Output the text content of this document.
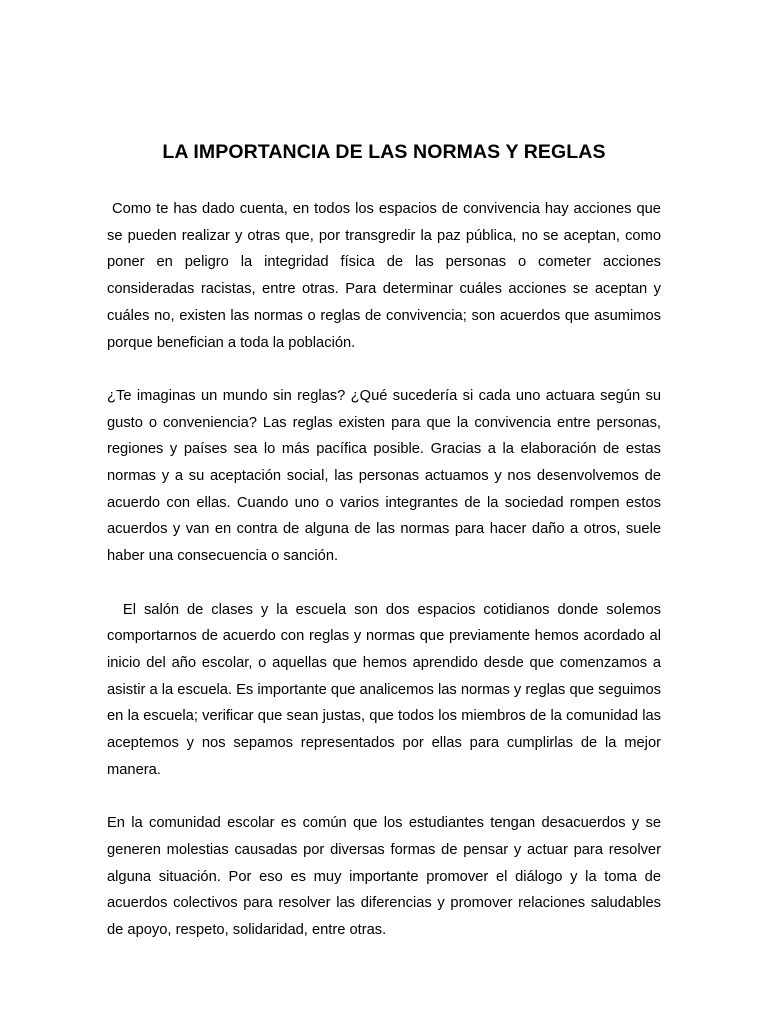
LA IMPORTANCIA DE LAS NORMAS Y REGLAS

Como te has dado cuenta, en todos los espacios de convivencia hay acciones que se pueden realizar y otras que, por transgredir la paz pública, no se aceptan, como poner en peligro la integridad física de las personas o cometer acciones consideradas racistas, entre otras. Para determinar cuáles acciones se aceptan y cuáles no, existen las normas o reglas de convivencia; son acuerdos que asumimos porque benefician a toda la población.

¿Te imaginas un mundo sin reglas? ¿Qué sucedería si cada uno actuara según su gusto o conveniencia? Las reglas existen para que la convivencia entre personas, regiones y países sea lo más pacífica posible. Gracias a la elaboración de estas normas y a su aceptación social, las personas actuamos y nos desenvolvemos de acuerdo con ellas. Cuando uno o varios integrantes de la sociedad rompen estos acuerdos y van en contra de alguna de las normas para hacer daño a otros, suele haber una consecuencia o sanción.

El salón de clases y la escuela son dos espacios cotidianos donde solemos comportarnos de acuerdo con reglas y normas que previamente hemos acordado al inicio del año escolar, o aquellas que hemos aprendido desde que comenzamos a asistir a la escuela. Es importante que analicemos las normas y reglas que seguimos en la escuela; verificar que sean justas, que todos los miembros de la comunidad las aceptemos y nos sepamos representados por ellas para cumplirlas de la mejor manera.

En la comunidad escolar es común que los estudiantes tengan desacuerdos y se generen molestias causadas por diversas formas de pensar y actuar para resolver alguna situación. Por eso es muy importante promover el diálogo y la toma de acuerdos colectivos para resolver las diferencias y promover relaciones saludables de apoyo, respeto, solidaridad, entre otras.
